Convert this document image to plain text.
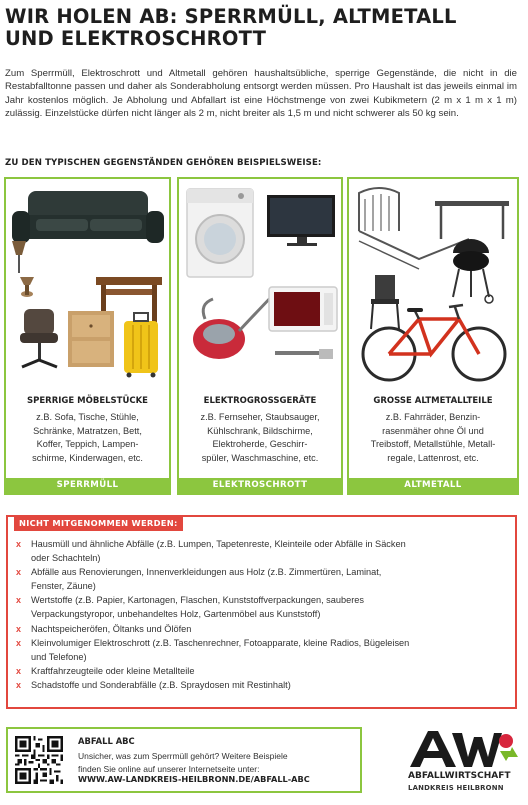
WIR HOLEN AB: SPERRMÜLL, ALTMETALL
UND ELEKTROSCHROTT
Zum Sperrmüll, Elektroschrott und Altmetall gehören haushaltsübliche, sperrige Gegenstände, die nicht in die Restabfalltonne passen und daher als Sonderabholung entsorgt werden müssen. Pro Haushalt ist das jeweils einmal im Jahr kostenlos möglich. Je Abholung und Abfallart ist eine Höchstmenge von zwei Kubikmetern (2 m x 1 m x 1 m) zulässig. Einzelstücke dürfen nicht länger als 2 m, nicht breiter als 1,5 m und nicht schwerer als 50 kg sein.
ZU DEN TYPISCHEN GEGENSTÄNDEN GEHÖREN BEISPIELSWEISE:
SPERRIGE MÖBELSTÜCKE
z.B. Sofa, Tische, Stühle,
Schränke, Matratzen, Bett,
Koffer, Teppich, Lampen-
schirme, Kinderwagen, etc.
SPERRMÜLL
ELEKTROGROSSGERÄTE
z.B. Fernseher, Staubsauger,
Kühlschrank, Bildschirme,
Elektroherde, Geschirr-
spüler, Waschmaschine, etc.
ELEKTROSCHROTT
GROSSE ALTMETALLTEILE
z.B. Fahrräder, Benzin-
rasenmäher ohne Öl und
Treibstoff, Metallstühle, Metall-
regale, Lattenrost, etc.
ALTMETALL
NICHT MITGENOMMEN WERDEN:
x Hausmüll und ähnliche Abfälle (z.B. Lumpen, Tapetenreste, Kleinteile oder Abfälle in Säcken
oder Schachteln)
x Abfälle aus Renovierungen, Innenverkleidungen aus Holz (z.B. Zimmertüren, Laminat,
Fenster, Zäune)
x Wertstoffe (z.B. Papier, Kartonagen, Flaschen, Kunststoffverpackungen, sauberes
Verpackungstyropor, unbehandeltes Holz, Gartenmöbel aus Kunststoff)
x Nachtspeicheröfen, Öltanks und Ölöfen
x Kleinvolumiger Elektroschrott (z.B. Taschenrechner, Fotoapparate, kleine Radios, Bügeleisen
und Telefone)
x Kraftfahrzeugteile oder kleine Metallteile
x Schadstoffe und Sonderabfälle (z.B. Spraydosen mit Restinhalt)
ABFALL ABC
Unsicher, was zum Sperrmüll gehört? Weitere Beispiele
finden Sie online auf unserer Internetseite unter:
WWW.AW-LANDKREIS-HEILBRONN.DE/ABFALL-ABC	ABFALLWIRTSCHAFT
LANDKREIS HEILBRONN
